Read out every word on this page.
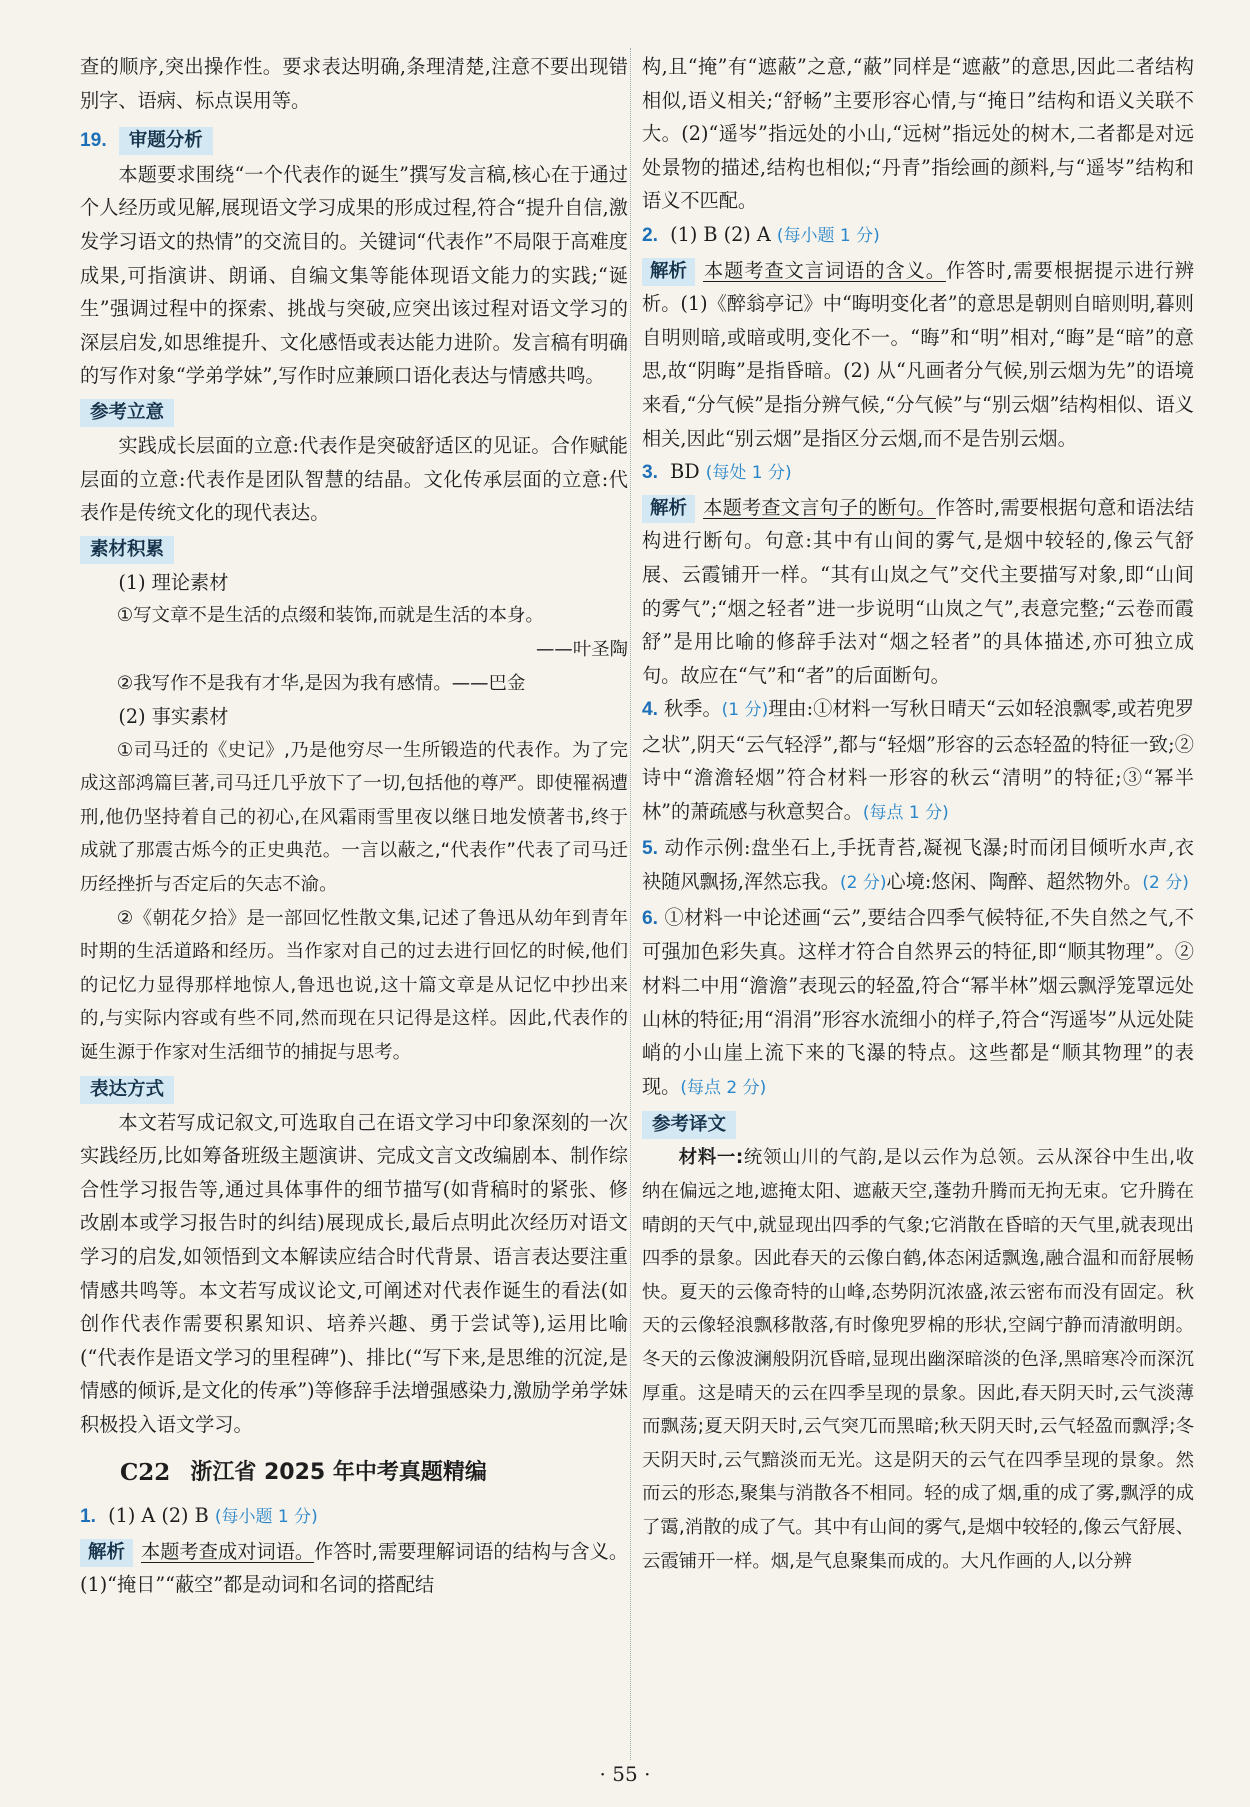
查的顺序,突出操作性。要求表达明确,条理清楚,注意不要出现错别字、语病、标点误用等。

19. 审题分析

本题要求围绕“一个代表作的诞生”撰写发言稿,核心在于通过个人经历或见解,展现语文学习成果的形成过程,符合“提升自信,激发学习语文的热情”的交流目的。关键词“代表作”不局限于高难度成果,可指演讲、朗诵、自编文集等能体现语文能力的实践;“诞生”强调过程中的探索、挑战与突破,应突出该过程对语文学习的深层启发,如思维提升、文化感悟或表达能力进阶。发言稿有明确的写作对象“学弟学妹”,写作时应兼顾口语化表达与情感共鸣。

参考立意

实践成长层面的立意:代表作是突破舒适区的见证。合作赋能层面的立意:代表作是团队智慧的结晶。文化传承层面的立意:代表作是传统文化的现代表达。

素材积累

(1) 理论素材

①写文章不是生活的点缀和装饰,而就是生活的本身。

——叶圣陶

②我写作不是我有才华,是因为我有感情。——巴金

(2) 事实素材

①司马迁的《史记》,乃是他穷尽一生所锻造的代表作。为了完成这部鸿篇巨著,司马迁几乎放下了一切,包括他的尊严。即使罹祸遭刑,他仍坚持着自己的初心,在风霜雨雪里夜以继日地发愤著书,终于成就了那震古烁今的正史典范。一言以蔽之,“代表作”代表了司马迁历经挫折与否定后的矢志不渝。

②《朝花夕拾》是一部回忆性散文集,记述了鲁迅从幼年到青年时期的生活道路和经历。当作家对自己的过去进行回忆的时候,他们的记忆力显得那样地惊人,鲁迅也说,这十篇文章是从记忆中抄出来的,与实际内容或有些不同,然而现在只记得是这样。因此,代表作的诞生源于作家对生活细节的捕捉与思考。

表达方式

本文若写成记叙文,可选取自己在语文学习中印象深刻的一次实践经历,比如筹备班级主题演讲、完成文言文改编剧本、制作综合性学习报告等,通过具体事件的细节描写(如背稿时的紧张、修改剧本或学习报告时的纠结)展现成长,最后点明此次经历对语文学习的启发,如领悟到文本解读应结合时代背景、语言表达要注重情感共鸣等。本文若写成议论文,可阐述对代表作诞生的看法(如创作代表作需要积累知识、培养兴趣、勇于尝试等),运用比喻(“代表作是语文学习的里程碑”)、排比(“写下来,是思维的沉淀,是情感的倾诉,是文化的传承”)等修辞手法增强感染力,激励学弟学妹积极投入语文学习。

C22 浙江省 2025 年中考真题精编

1. (1) A (2) B (每小题 1 分)

解析 本题考查成对词语。作答时,需要理解词语的结构与含义。(1)“掩日”“蔽空”都是动词和名词的搭配结

构,且“掩”有“遮蔽”之意,“蔽”同样是“遮蔽”的意思,因此二者结构相似,语义相关;“舒畅”主要形容心情,与“掩日”结构和语义关联不大。(2)“遥岑”指远处的小山,“远树”指远处的树木,二者都是对远处景物的描述,结构也相似;“丹青”指绘画的颜料,与“遥岑”结构和语义不匹配。

2. (1) B (2) A (每小题 1 分)

解析 本题考查文言词语的含义。作答时,需要根据提示进行辨析。(1)《醉翁亭记》中“晦明变化者”的意思是朝则自暗则明,暮则自明则暗,或暗或明,变化不一。“晦”和“明”相对,“晦”是“暗”的意思,故“阴晦”是指昏暗。(2) 从“凡画者分气候,别云烟为先”的语境来看,“分气候”是指分辨气候,“分气候”与“别云烟”结构相似、语义相关,因此“别云烟”是指区分云烟,而不是告别云烟。

3. BD (每处 1 分)

解析 本题考查文言句子的断句。作答时,需要根据句意和语法结构进行断句。句意:其中有山间的雾气,是烟中较轻的,像云气舒展、云霞铺开一样。“其有山岚之气”交代主要描写对象,即“山间的雾气”;“烟之轻者”进一步说明“山岚之气”,表意完整;“云卷而霞舒”是用比喻的修辞手法对“烟之轻者”的具体描述,亦可独立成句。故应在“气”和“者”的后面断句。

4. 秋季。(1 分)理由:①材料一写秋日晴天“云如轻浪飘零,或若兜罗之状”,阴天“云气轻浮”,都与“轻烟”形容的云态轻盈的特征一致;②诗中“澹澹轻烟”符合材料一形容的秋云“清明”的特征;③“幂半林”的萧疏感与秋意契合。(每点 1 分)

5. 动作示例:盘坐石上,手抚青苔,凝视飞瀑;时而闭目倾听水声,衣袂随风飘扬,浑然忘我。(2 分)心境:悠闲、陶醉、超然物外。(2 分)

6. ①材料一中论述画“云”,要结合四季气候特征,不失自然之气,不可强加色彩失真。这样才符合自然界云的特征,即“顺其物理”。②材料二中用“澹澹”表现云的轻盈,符合“幂半林”烟云飘浮笼罩远处山林的特征;用“涓涓”形容水流细小的样子,符合“泻遥岑”从远处陡峭的小山崖上流下来的飞瀑的特点。这些都是“顺其物理”的表现。(每点 2 分)

参考译文

材料一:统领山川的气韵,是以云作为总领。云从深谷中生出,收纳在偏远之地,遮掩太阳、遮蔽天空,蓬勃升腾而无拘无束。它升腾在晴朗的天气中,就显现出四季的气象;它消散在昏暗的天气里,就表现出四季的景象。因此春天的云像白鹤,体态闲适飘逸,融合温和而舒展畅快。夏天的云像奇特的山峰,态势阴沉浓盛,浓云密布而没有固定。秋天的云像轻浪飘移散落,有时像兜罗棉的形状,空阔宁静而清澈明朗。冬天的云像波澜般阴沉昏暗,显现出幽深暗淡的色泽,黑暗寒冷而深沉厚重。这是晴天的云在四季呈现的景象。因此,春天阴天时,云气淡薄而飘荡;夏天阴天时,云气突兀而黑暗;秋天阴天时,云气轻盈而飘浮;冬天阴天时,云气黯淡而无光。这是阴天的云气在四季呈现的景象。然而云的形态,聚集与消散各不相同。轻的成了烟,重的成了雾,飘浮的成了霭,消散的成了气。其中有山间的雾气,是烟中较轻的,像云气舒展、云霞铺开一样。烟,是气息聚集而成的。大凡作画的人,以分辨

· 55 ·
